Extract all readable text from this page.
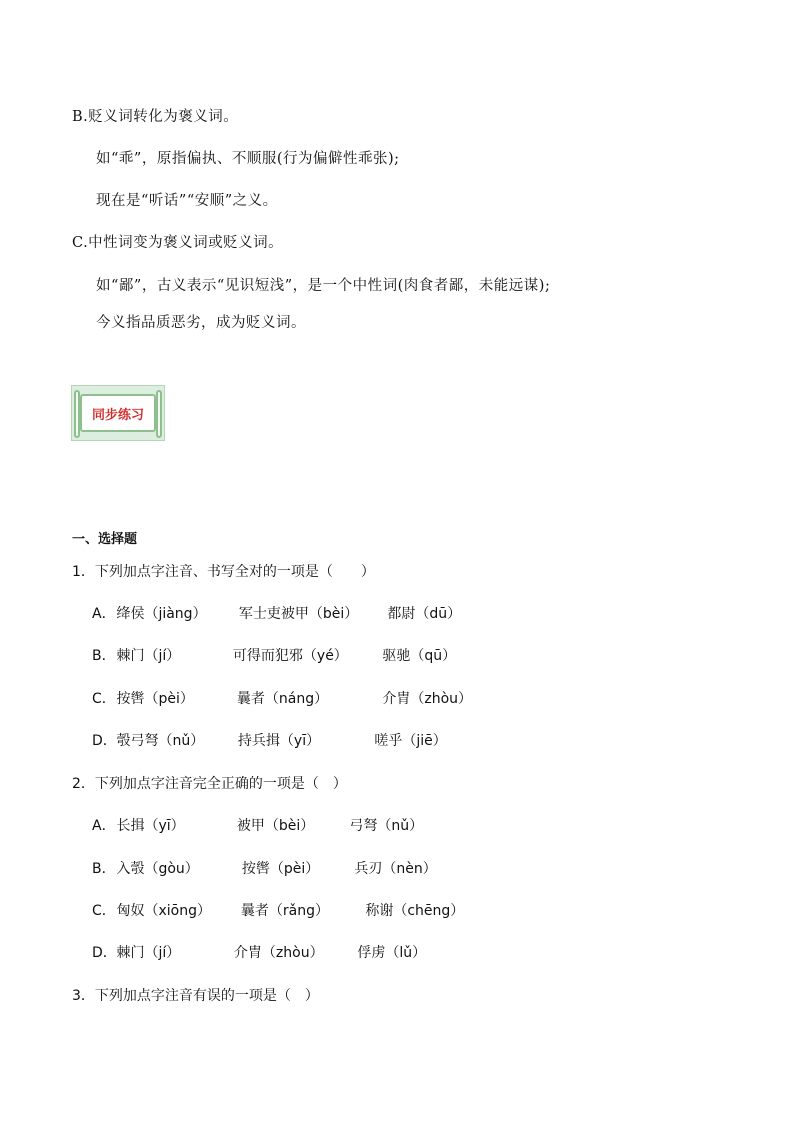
B.贬义词转化为褒义词。
如“乖”，原指偏执、不顺服(行为偏僻性乖张);
现在是“听话”“安顺”之义。
C.中性词变为褒义词或贬义词。
如“鄙”，古义表示“见识短浅”，是一个中性词(肉食者鄙，未能远谋);
今义指品质恶劣，成为贬义词。
同步练习
一、选择题
1．下列加点字注音、书写全对的一项是（　　）
A． 绛侯（jiàng） 军士吏被甲（bèi） 都尉（dū）
B． 棘门（jí）	可得而犯邪（yé） 驱驰（qū）
C． 按辔（pèi）	曩者（náng）	介胄（zhòu）
D． 彀弓弩（nǔ） 持兵揖（yī）	嗟乎（jiē）
2．下列加点字注音完全正确的一项是（　）
A． 长揖（yī）	被甲（bèi）	弓弩（nǔ）
B． 入彀（gòu）	按辔（pèi）	兵刃（nèn）
C． 匈奴（xiōng） 曩者（rǎng）	称谢（chēng）
D． 棘门（jí）	介胄（zhòu） 俘虏（lǔ）
3．下列加点字注音有误的一项是（　）
